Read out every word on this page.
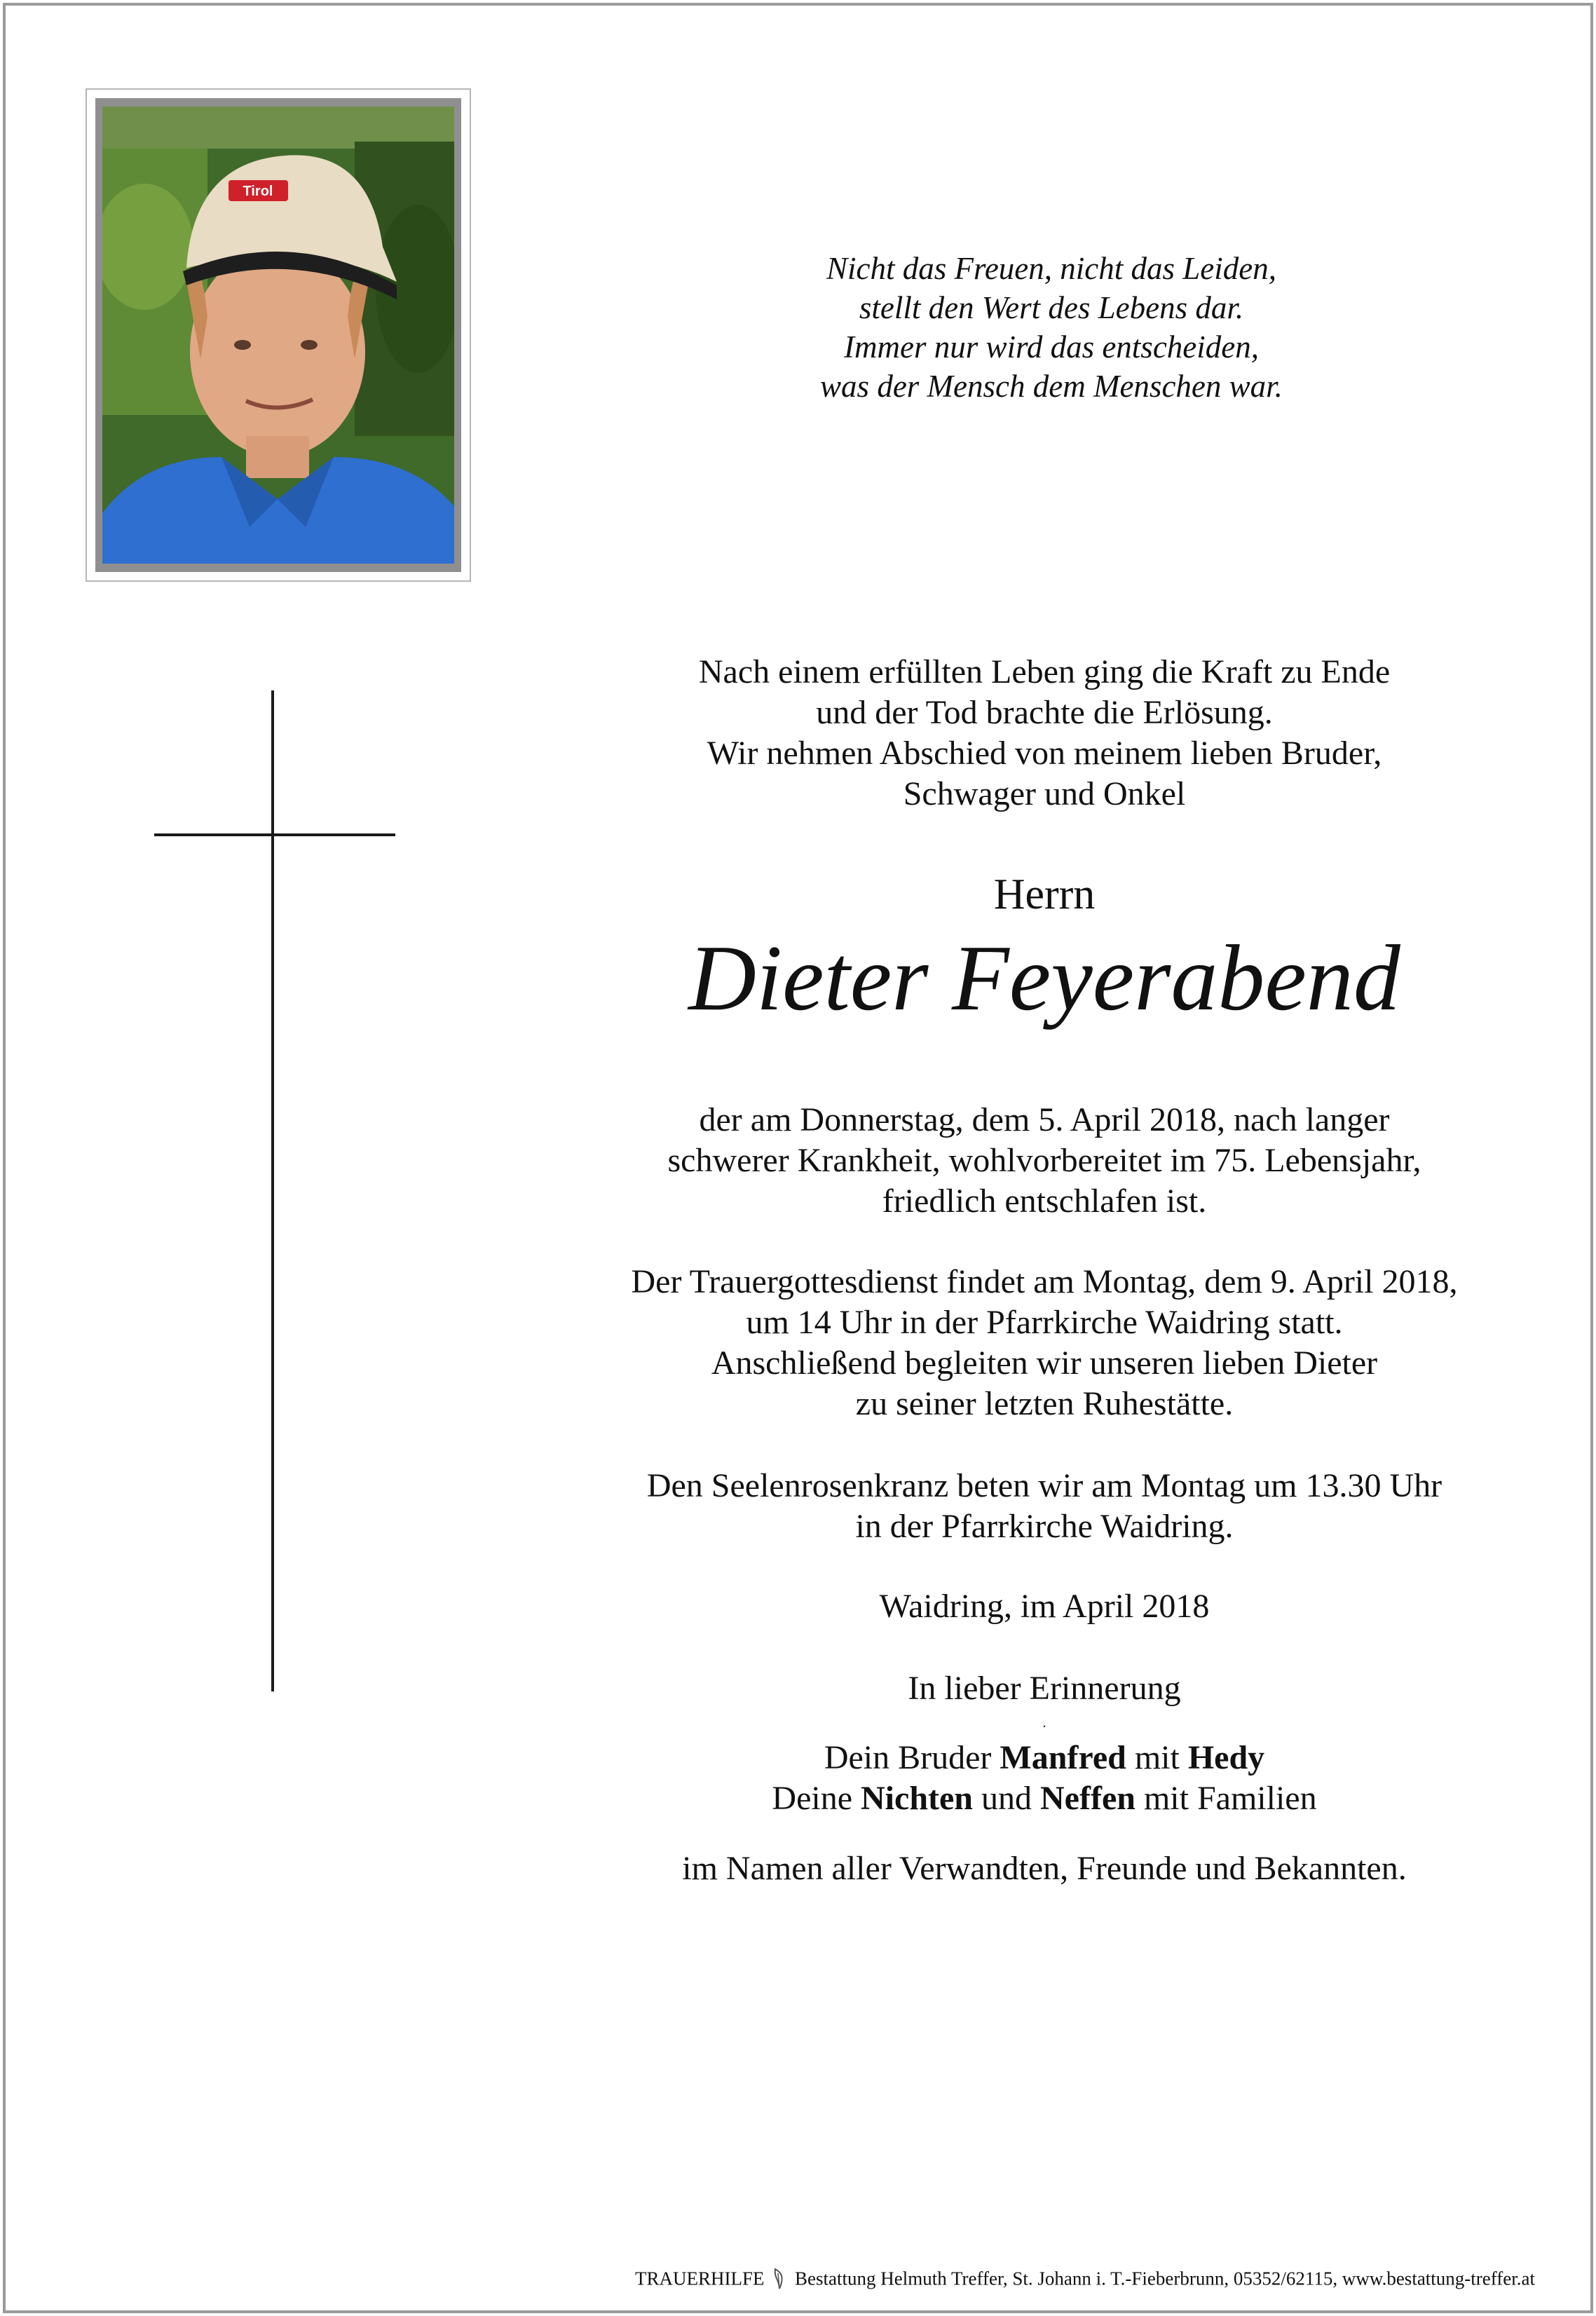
Tirol
Nicht das Freuen, nicht das Leiden,
stellt den Wert des Lebens dar.
Immer nur wird das entscheiden,
was der Mensch dem Menschen war.
Nach einem erfüllten Leben ging die Kraft zu Ende
und der Tod brachte die Erlösung.
Wir nehmen Abschied von meinem lieben Bruder,
Schwager und Onkel
Herrn
Dieter Feyerabend
der am Donnerstag, dem 5. April 2018, nach langer
schwerer Krankheit, wohlvorbereitet im 75. Lebensjahr,
friedlich entschlafen ist.
Der Trauergottesdienst findet am Montag, dem 9. April 2018,
um 14 Uhr in der Pfarrkirche Waidring statt.
Anschließend begleiten wir unseren lieben Dieter
zu seiner letzten Ruhestätte.
Den Seelenrosenkranz beten wir am Montag um 13.30 Uhr
in der Pfarrkirche Waidring.
Waidring, im April 2018
In lieber Erinnerung
.
Dein Bruder Manfred mit Hedy
Deine Nichten und Neffen mit Familien
im Namen aller Verwandten, Freunde und Bekannten.
TRAUERHILFE Bestattung Helmuth Treffer, St. Johann i. T.-Fieberbrunn, 05352/62115, www.bestattung-treffer.at
